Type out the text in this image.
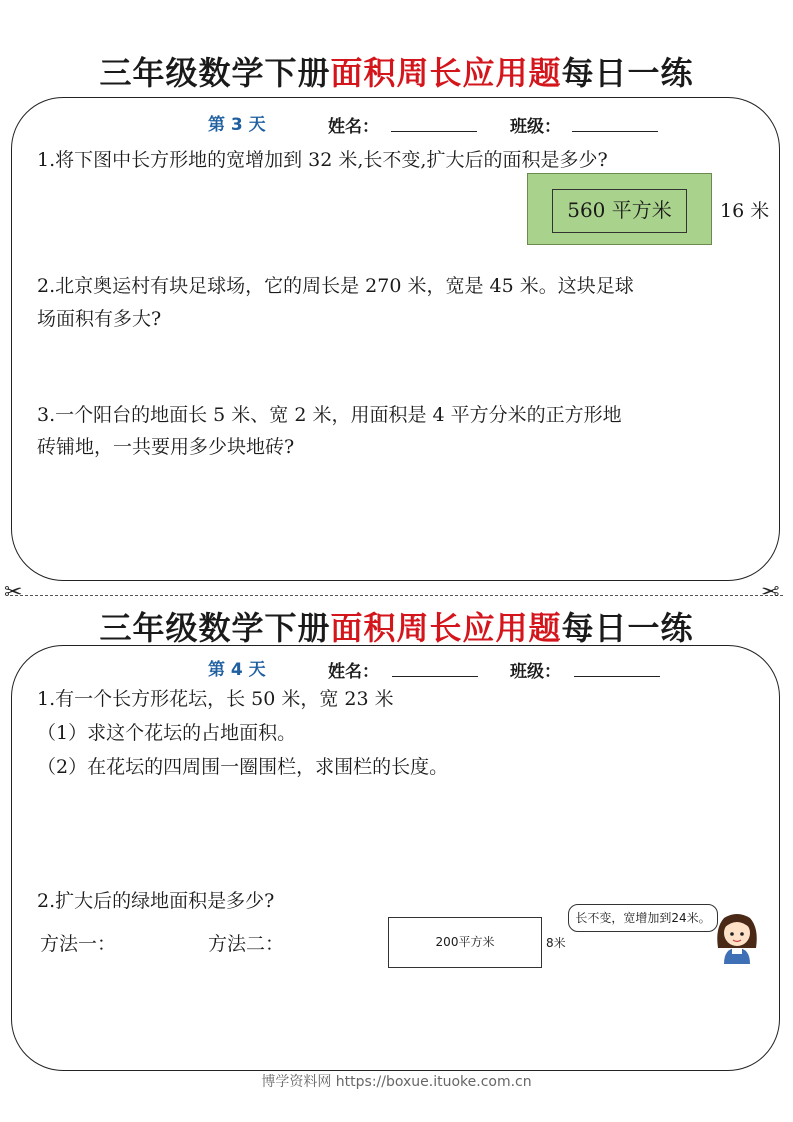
三年级数学下册面积周长应用题每日一练
第 3 天	姓名：	班级：
1.将下图中长方形地的宽增加到 32 米,长不变,扩大后的面积是多少?
560 平方米	16 米
2.北京奥运村有块足球场，它的周长是 270 米，宽是 45 米。这块足球
场面积有多大?
3.一个阳台的地面长 5 米、宽 2 米，用面积是 4 平方分米的正方形地
砖铺地，一共要用多少块地砖?
✂	✂
三年级数学下册面积周长应用题每日一练
第 4 天	姓名：	班级：
1.有一个长方形花坛，长 50 米，宽 23 米
（1）求这个花坛的占地面积。
（2）在花坛的四周围一圈围栏，求围栏的长度。
2.扩大后的绿地面积是多少?
方法一：	方法二：	200平方米	8米
长不变，宽增加到24米。
博学资料网 https://boxue.ituoke.com.cn
